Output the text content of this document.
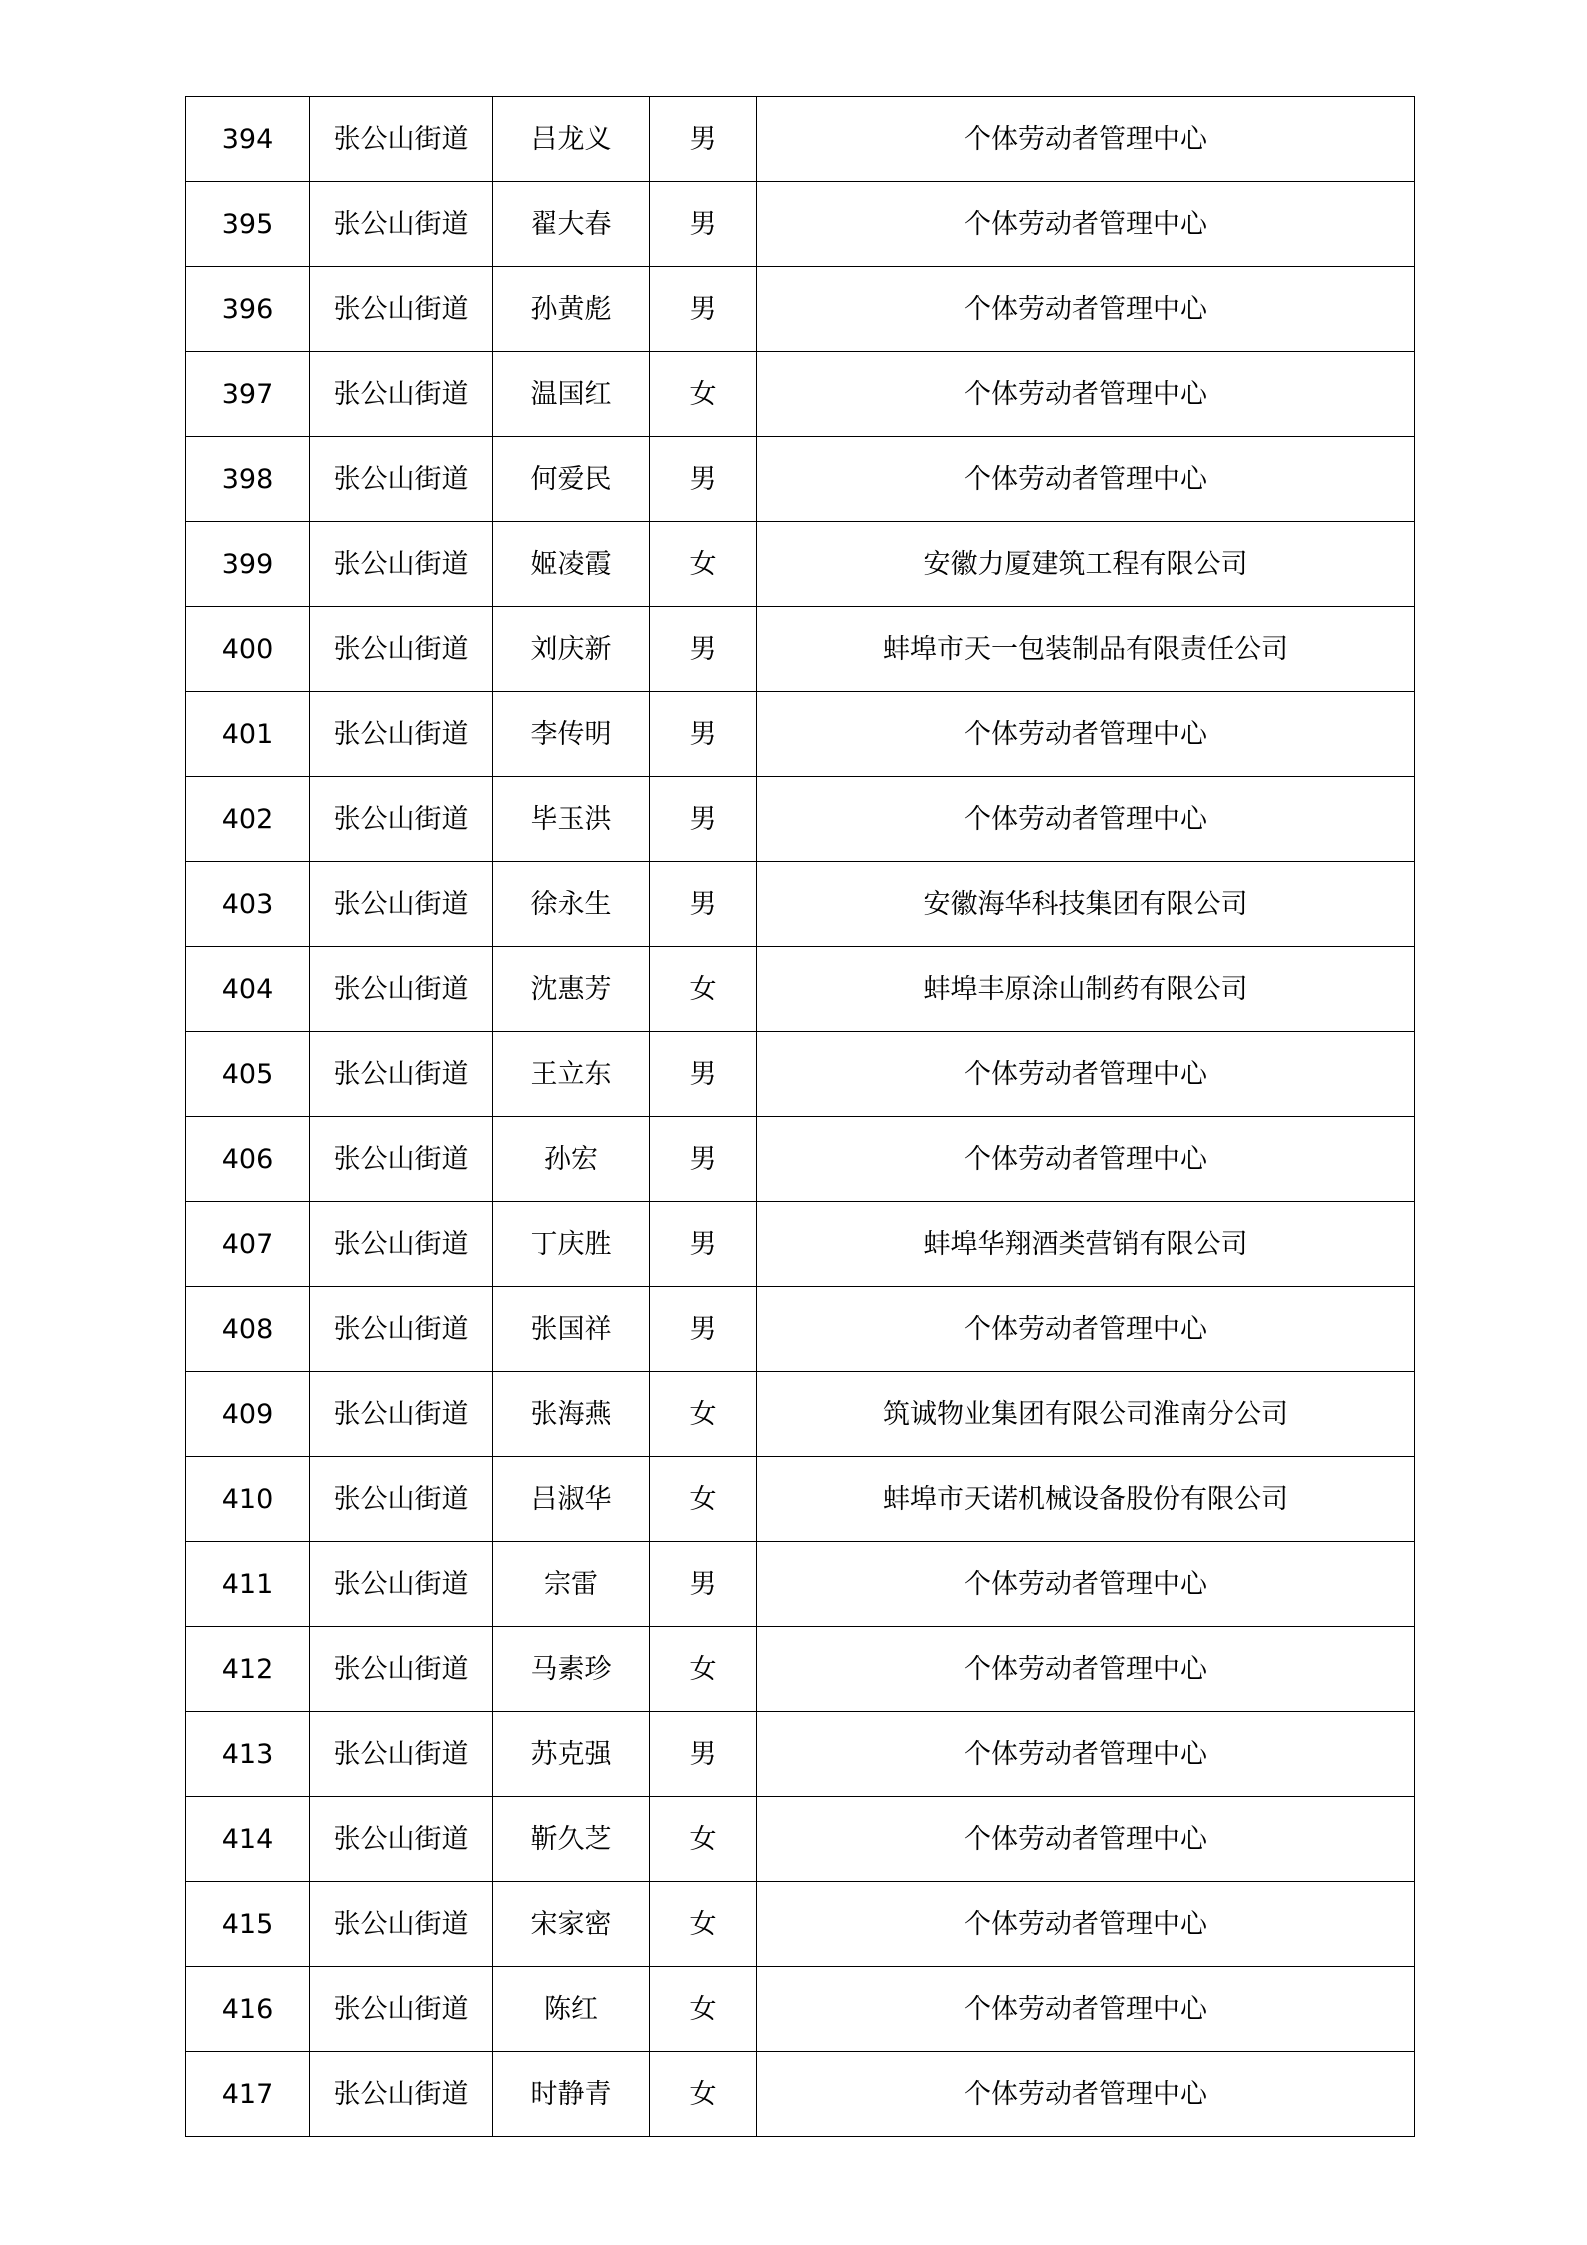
394	张公山街道	吕龙义	男	个体劳动者管理中心
395	张公山街道	翟大春	男	个体劳动者管理中心
396	张公山街道	孙黄彪	男	个体劳动者管理中心
397	张公山街道	温国红	女	个体劳动者管理中心
398	张公山街道	何爱民	男	个体劳动者管理中心
399	张公山街道	姬凌霞	女	安徽力厦建筑工程有限公司
400	张公山街道	刘庆新	男	蚌埠市天一包装制品有限责任公司
401	张公山街道	李传明	男	个体劳动者管理中心
402	张公山街道	毕玉洪	男	个体劳动者管理中心
403	张公山街道	徐永生	男	安徽海华科技集团有限公司
404	张公山街道	沈惠芳	女	蚌埠丰原涂山制药有限公司
405	张公山街道	王立东	男	个体劳动者管理中心
406	张公山街道	孙宏	男	个体劳动者管理中心
407	张公山街道	丁庆胜	男	蚌埠华翔酒类营销有限公司
408	张公山街道	张国祥	男	个体劳动者管理中心
409	张公山街道	张海燕	女	筑诚物业集团有限公司淮南分公司
410	张公山街道	吕淑华	女	蚌埠市天诺机械设备股份有限公司
411	张公山街道	宗雷	男	个体劳动者管理中心
412	张公山街道	马素珍	女	个体劳动者管理中心
413	张公山街道	苏克强	男	个体劳动者管理中心
414	张公山街道	靳久芝	女	个体劳动者管理中心
415	张公山街道	宋家密	女	个体劳动者管理中心
416	张公山街道	陈红	女	个体劳动者管理中心
417	张公山街道	时静青	女	个体劳动者管理中心
